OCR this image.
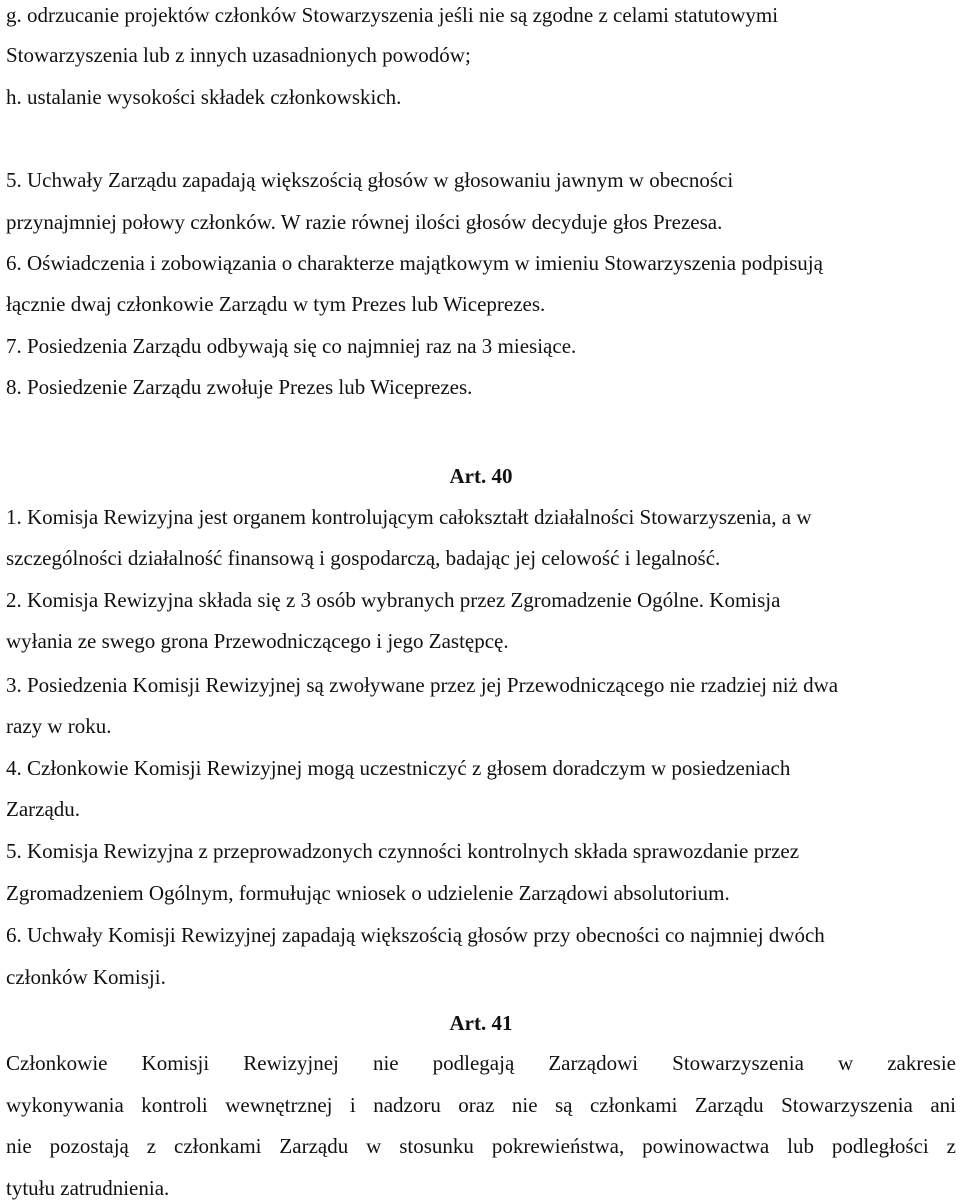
g. odrzucanie projektów członków Stowarzyszenia jeśli nie są zgodne z celami statutowymi
Stowarzyszenia lub z innych uzasadnionych powodów;
h. ustalanie wysokości składek członkowskich.
5. Uchwały Zarządu zapadają większością głosów w głosowaniu jawnym w obecności
przynajmniej połowy członków. W razie równej ilości głosów decyduje głos Prezesa.
6. Oświadczenia i zobowiązania o charakterze majątkowym w imieniu Stowarzyszenia podpisują
łącznie dwaj członkowie Zarządu w tym Prezes lub Wiceprezes.
7. Posiedzenia Zarządu odbywają się co najmniej raz na 3 miesiące.
8. Posiedzenie Zarządu zwołuje Prezes lub Wiceprezes.
Art. 40
1. Komisja Rewizyjna jest organem kontrolującym całokształt działalności Stowarzyszenia, a w
szczególności działalność finansową i gospodarczą, badając jej celowość i legalność.
2. Komisja Rewizyjna składa się z 3 osób wybranych przez Zgromadzenie Ogólne. Komisja
wyłania ze swego grona Przewodniczącego i jego Zastępcę.
3. Posiedzenia Komisji Rewizyjnej są zwoływane przez jej Przewodniczącego nie rzadziej niż dwa
razy w roku.
4. Członkowie Komisji Rewizyjnej mogą uczestniczyć z głosem doradczym w posiedzeniach
Zarządu.
5. Komisja Rewizyjna z przeprowadzonych czynności kontrolnych składa sprawozdanie przez
Zgromadzeniem Ogólnym, formułując wniosek o udzielenie Zarządowi absolutorium.
6. Uchwały Komisji Rewizyjnej zapadają większością głosów przy obecności co najmniej dwóch
członków Komisji.
Art. 41
Członkowie Komisji Rewizyjnej nie podlegają Zarządowi Stowarzyszenia w zakresie
wykonywania kontroli wewnętrznej i nadzoru oraz nie są członkami Zarządu Stowarzyszenia ani
nie pozostają z członkami Zarządu w stosunku pokrewieństwa, powinowactwa lub podległości z
tytułu zatrudnienia.
